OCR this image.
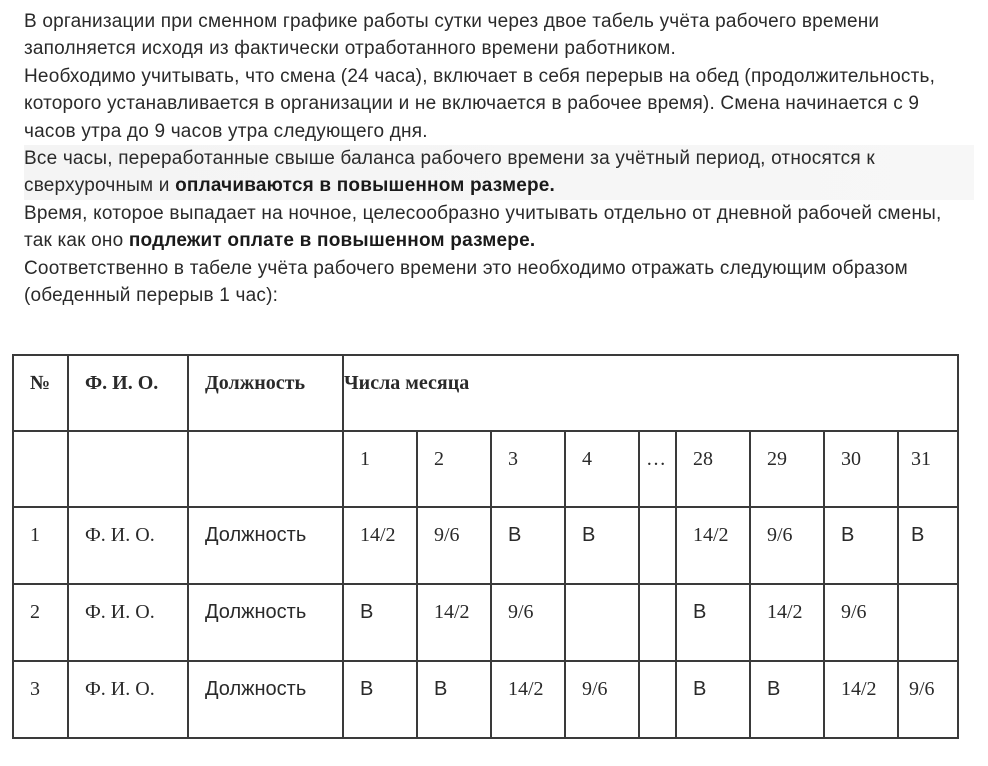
В организации при сменном графике работы сутки через двое табель учёта рабочего времени заполняется исходя из фактически отработанного времени работником.

Необходимо учитывать, что смена (24 часа), включает в себя перерыв на обед (продолжительность, которого устанавливается в организации и не включается в рабочее время). Смена начинается с 9 часов утра до 9 часов утра следующего дня.

Все часы, переработанные свыше баланса рабочего времени за учётный период, относятся к сверхурочным и оплачиваются в повышенном размере.

Время, которое выпадает на ночное, целесообразно учитывать отдельно от дневной рабочей смены, так как оно подлежит оплате в повышенном размере.

Соответственно в табеле учёта рабочего времени это необходимо отражать следующим образом (обеденный перерыв 1 час):

№	Ф. И. О.	Должность	Числа месяца								

			1	2	3	4	…	28	29	30	31

1	Ф. И. О.	Должность	14/2	9/6	В	В		14/2	9/6	В	В

2	Ф. И. О.	Должность	В	14/2	9/6			В	14/2	9/6	

3	Ф. И. О.	Должность	В	В	14/2	9/6		В	В	14/2	9/6
